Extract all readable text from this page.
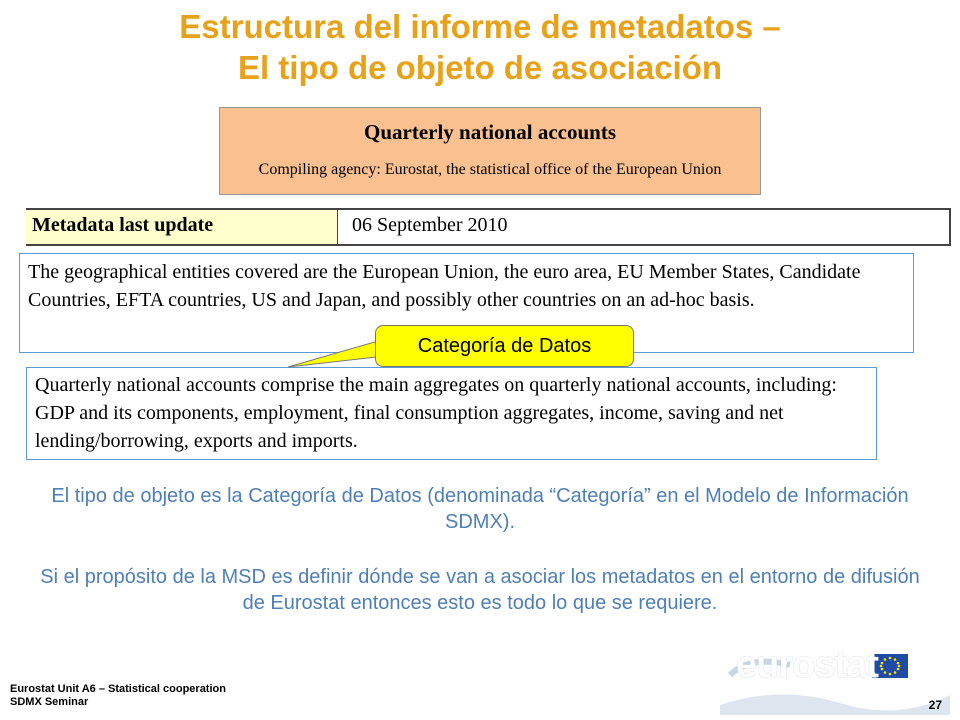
Estructura del informe de metadatos –
El tipo de objeto de asociación
Quarterly national accounts
Compiling agency: Eurostat, the statistical office of the European Union
Metadata last update	06 September 2010
The geographical entities covered are the European Union, the euro area, EU Member States, Candidate Countries, EFTA countries, US and Japan, and possibly other countries on an ad-hoc basis.
Quarterly national accounts comprise the main aggregates on quarterly national accounts, including: GDP and its components, employment, final consumption aggregates, income, saving and net lending/borrowing, exports and imports.
Categoría de Datos
El tipo de objeto es la Categoría de Datos (denominada “Categoría” en el Modelo de Información SDMX).
Si el propósito de la MSD es definir dónde se van a asociar los metadatos en el entorno de difusión de Eurostat entonces esto es todo lo que se requiere.
Eurostat Unit A6 – Statistical cooperation
SDMX Seminar
eurostat
27
